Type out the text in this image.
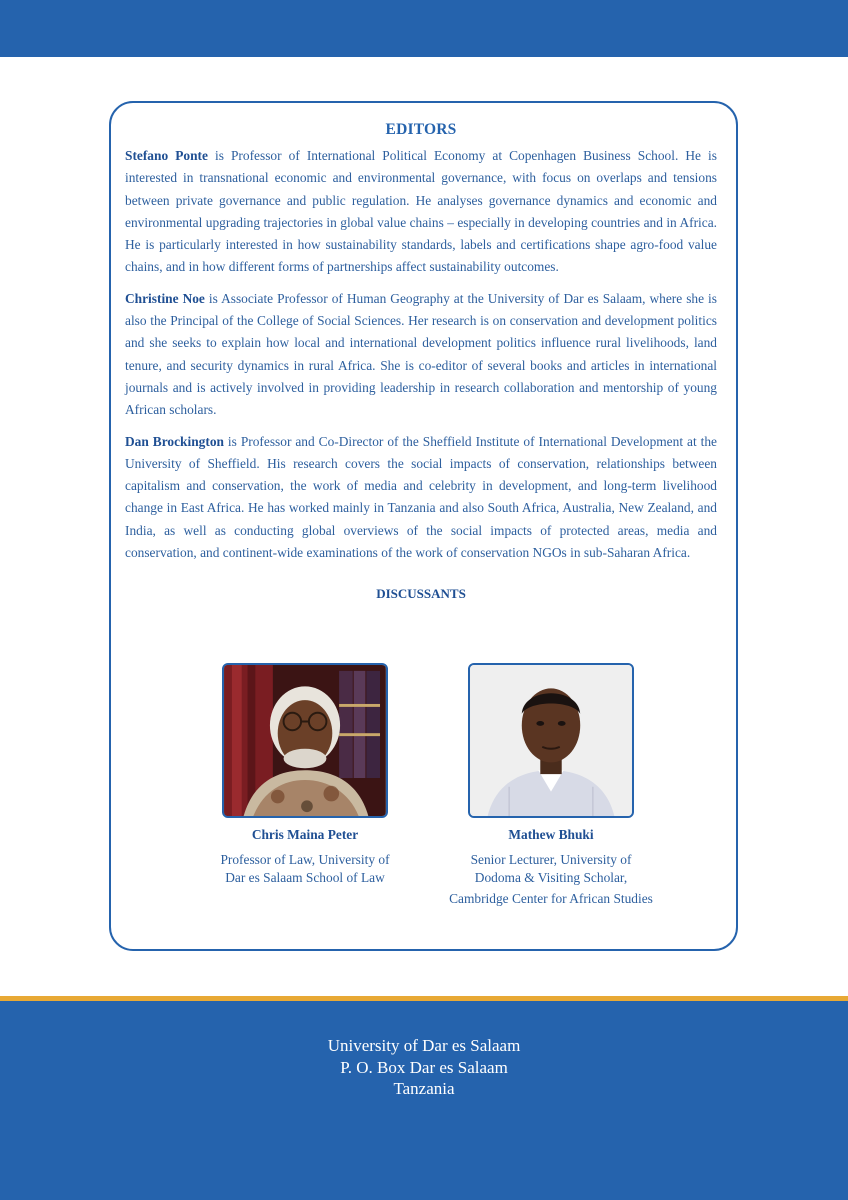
EDITORS

Stefano Ponte is Professor of International Political Economy at Copenhagen Business School. He is interested in transnational economic and environmental governance, with focus on overlaps and tensions between private governance and public regulation. He analyses governance dynamics and economic and environmental upgrading trajectories in global value chains – especially in developing countries and in Africa. He is particularly interested in how sustainability standards, labels and certifications shape agro-food value chains, and in how different forms of partnerships affect sustainability outcomes.

Christine Noe is Associate Professor of Human Geography at the University of Dar es Salaam, where she is also the Principal of the College of Social Sciences. Her research is on conservation and development politics and she seeks to explain how local and international development politics influence rural livelihoods, land tenure, and security dynamics in rural Africa. She is co-editor of several books and articles in international journals and is actively involved in providing leadership in research collaboration and mentorship of young African scholars.

Dan Brockington is Professor and Co-Director of the Sheffield Institute of International Development at the University of Sheffield. His research covers the social impacts of conservation, relationships between capitalism and conservation, the work of media and celebrity in development, and long-term livelihood change in East Africa. He has worked mainly in Tanzania and also South Africa, Australia, New Zealand, and India, as well as conducting global overviews of the social impacts of protected areas, media and conservation, and continent-wide examinations of the work of conservation NGOs in sub-Saharan Africa.

DISCUSSANTS
Chris Maina Peter
Professor of Law, University of
Dar es Salaam School of Law
Mathew Bhuki
Senior Lecturer, University of
Dodoma & Visiting Scholar,
Cambridge Center for African Studies
University of Dar es Salaam
P. O. Box Dar es Salaam
Tanzania
